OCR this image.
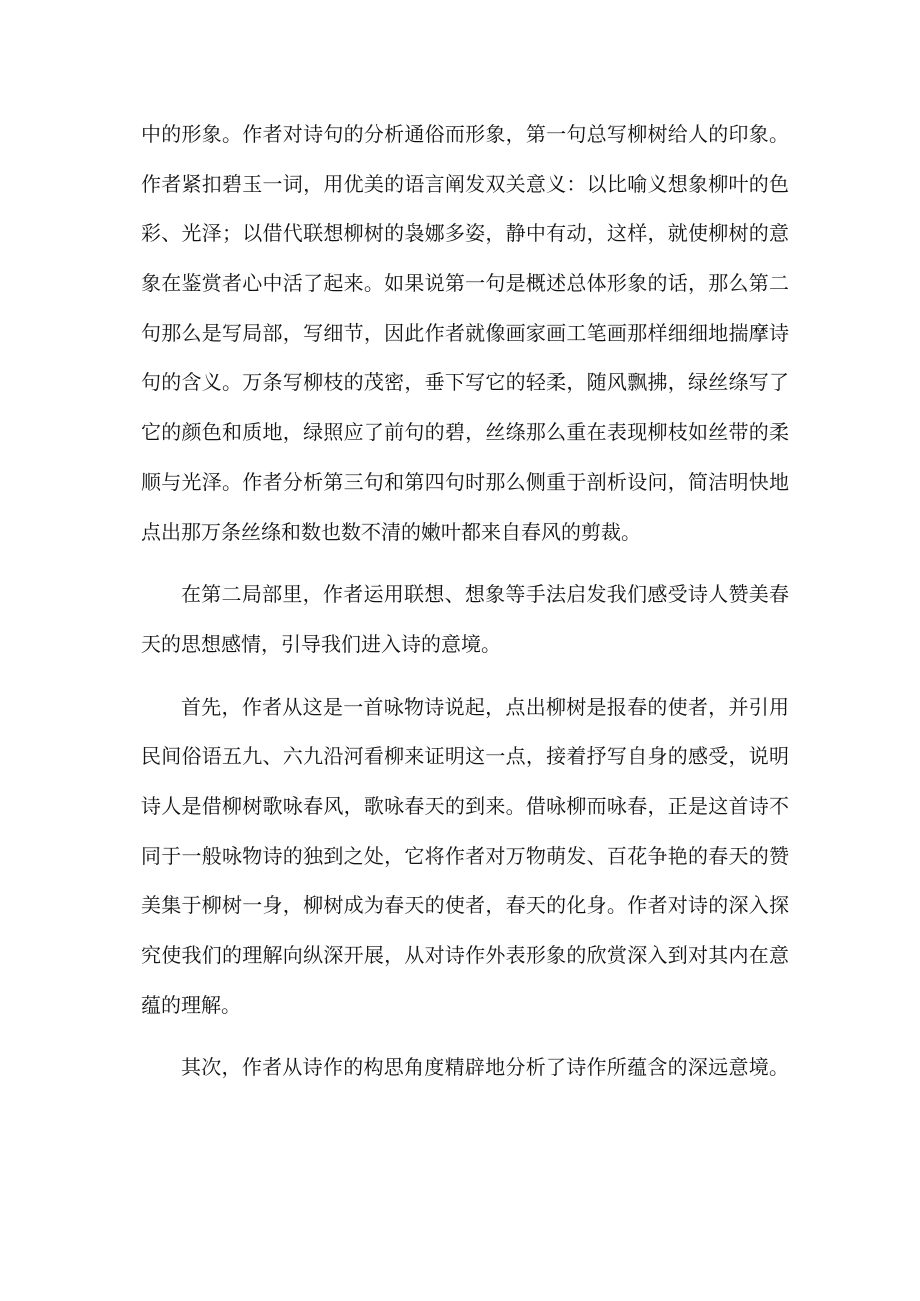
中的形象。作者对诗句的分析通俗而形象，第一句总写柳树给人的印象。
作者紧扣碧玉一词，用优美的语言阐发双关意义：以比喻义想象柳叶的色
彩、光泽；以借代联想柳树的袅娜多姿，静中有动，这样，就使柳树的意
象在鉴赏者心中活了起来。如果说第一句是概述总体形象的话，那么第二
句那么是写局部，写细节，因此作者就像画家画工笔画那样细细地揣摩诗
句的含义。万条写柳枝的茂密，垂下写它的轻柔，随风飘拂，绿丝绦写了
它的颜色和质地，绿照应了前句的碧，丝绦那么重在表现柳枝如丝带的柔
顺与光泽。作者分析第三句和第四句时那么侧重于剖析设问，简洁明快地
点出那万条丝绦和数也数不清的嫩叶都来自春风的剪裁。
在第二局部里，作者运用联想、想象等手法启发我们感受诗人赞美春
天的思想感情，引导我们进入诗的意境。
首先，作者从这是一首咏物诗说起，点出柳树是报春的使者，并引用
民间俗语五九、六九沿河看柳来证明这一点，接着抒写自身的感受，说明
诗人是借柳树歌咏春风，歌咏春天的到来。借咏柳而咏春，正是这首诗不
同于一般咏物诗的独到之处，它将作者对万物萌发、百花争艳的春天的赞
美集于柳树一身，柳树成为春天的使者，春天的化身。作者对诗的深入探
究使我们的理解向纵深开展，从对诗作外表形象的欣赏深入到对其内在意
蕴的理解。
其次，作者从诗作的构思角度精辟地分析了诗作所蕴含的深远意境。
